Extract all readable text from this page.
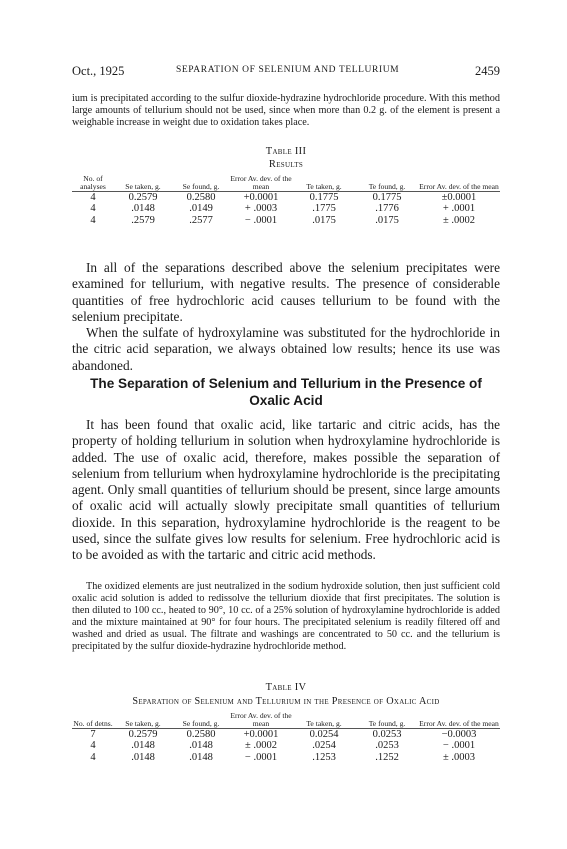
Oct., 1925	SEPARATION OF SELENIUM AND TELLURIUM	2459

ium is precipitated according to the sulfur dioxide-hydrazine hydrochloride procedure. With this method large amounts of tellurium should not be used, since when more than 0.2 g. of the element is present a weighable increase in weight due to oxidation takes place.

Table III
Results
No. of analyses	Se taken, g.	Se found, g.	Error Av. dev. of the mean	Te taken, g.	Te found, g.	Error Av. dev. of the mean
4	0.2579	0.2580	+0.0001	0.1775	0.1775	±0.0001
4	.0148	.0149	+ .0003	.1775	.1776	+ .0001
4	.2579	.2577	− .0001	.0175	.0175	± .0002

In all of the separations described above the selenium precipitates were examined for tellurium, with negative results. The presence of considerable quantities of free hydrochloric acid causes tellurium to be found with the selenium precipitate.

When the sulfate of hydroxylamine was substituted for the hydrochloride in the citric acid separation, we always obtained low results; hence its use was abandoned.

The Separation of Selenium and Tellurium in the Presence of Oxalic Acid

It has been found that oxalic acid, like tartaric and citric acids, has the property of holding tellurium in solution when hydroxylamine hydrochloride is added. The use of oxalic acid, therefore, makes possible the separation of selenium from tellurium when hydroxylamine hydrochloride is the precipitating agent. Only small quantities of tellurium should be present, since large amounts of oxalic acid will actually slowly precipitate small quantities of tellurium dioxide. In this separation, hydroxylamine hydrochloride is the reagent to be used, since the sulfate gives low results for selenium. Free hydrochloric acid is to be avoided as with the tartaric and citric acid methods.

The oxidized elements are just neutralized in the sodium hydroxide solution, then just sufficient cold oxalic acid solution is added to redissolve the tellurium dioxide that first precipitates. The solution is then diluted to 100 cc., heated to 90°, 10 cc. of a 25% solution of hydroxylamine hydrochloride is added and the mixture maintained at 90° for four hours. The precipitated selenium is readily filtered off and washed and dried as usual. The filtrate and washings are concentrated to 50 cc. and the tellurium is precipitated by the sulfur dioxide-hydrazine hydrochloride method.

Table IV
Separation of Selenium and Tellurium in the Presence of Oxalic Acid
No. of detns.	Se taken, g.	Se found, g.	Error Av. dev. of the mean	Te taken, g.	Te found, g.	Error Av. dev. of the mean
7	0.2579	0.2580	+0.0001	0.0254	0.0253	−0.0003
4	.0148	.0148	± .0002	.0254	.0253	− .0001
4	.0148	.0148	− .0001	.1253	.1252	± .0003
